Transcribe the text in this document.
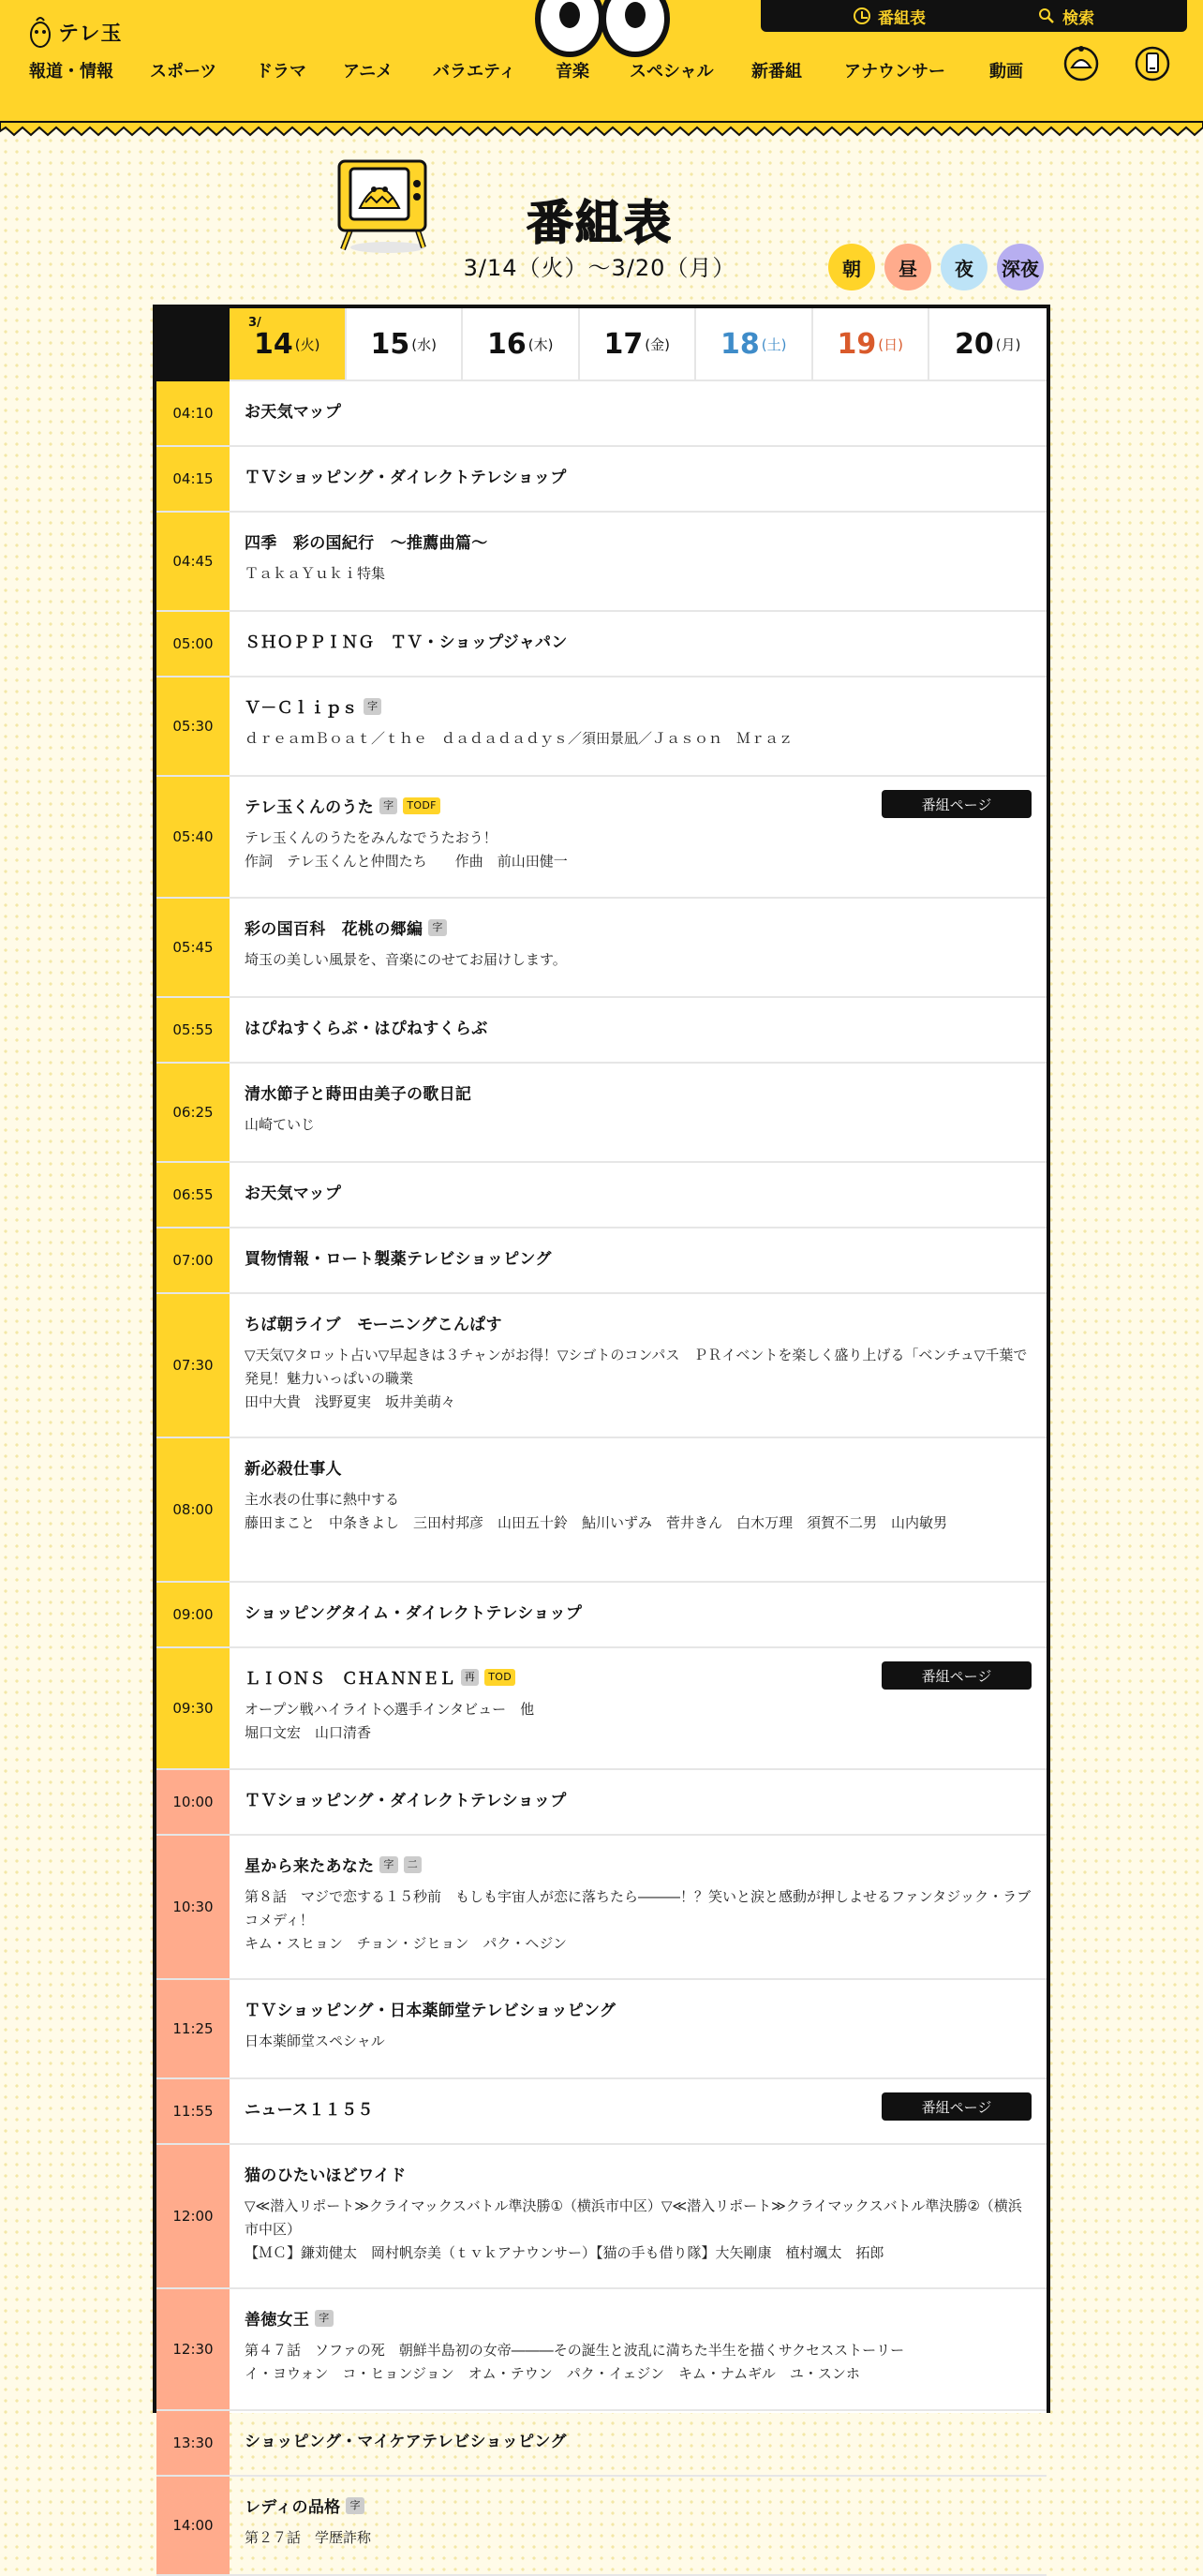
テレ玉
番組表	検索
報道・情報 スポーツ ドラマ アニメ バラエティ 音楽 スペシャル 新番組	アナウンサー	動画
番組表
3/14（火）〜3/20（月）	朝	昼	夜	深夜
3/
14 (火) 15 (水) 16 (木) 17 (金) 18 (土) 19 (日) 20 (月)
04:10	お天気マップ
04:15	ＴＶショッピング・ダイレクトテレショップ
04:45
四季　彩の国紀行　～推薦曲篇～
ＴａｋａＹｕｋｉ特集
05:00	ＳＨＯＰＰＩＮＧ　ＴＶ・ショップジャパン
05:30
Ｖ－Ｃｌｉｐｓ 字
ｄｒｅａｍＢｏａｔ／ｔｈｅ　ｄａｄａｄａｄｙｓ／須田景凪／Ｊａｓｏｎ　Ｍｒａｚ
05:40
テレ玉くんのうた 字	TODF
テレ玉くんのうたをみんなでうたおう！
作詞　テレ玉くんと仲間たち　　作曲　前山田健一
番組ページ
05:45
彩の国百科　花桃の郷編 字
埼玉の美しい風景を、音楽にのせてお届けします。
05:55	はぴねすくらぶ・はぴねすくらぶ
06:25
清水節子と蒔田由美子の歌日記
山崎ていじ
06:55	お天気マップ
07:00	買物情報・ロート製薬テレビショッピング
07:30
ちば朝ライブ　モーニングこんぱす
▽天気▽タロット占い▽早起きは３チャンがお得！▽シゴトのコンパス　ＰＲイベントを楽しく盛り上げる「ベンチュ▽千葉で発見！魅力いっぱいの職業
田中大貴　浅野夏実　坂井美萌々
08:00
新必殺仕事人
主水表の仕事に熱中する
藤田まこと　中条きよし　三田村邦彦　山田五十鈴　鮎川いずみ　菅井きん　白木万理　須賀不二男　山内敏男
09:00	ショッピングタイム・ダイレクトテレショップ
09:30
ＬＩＯＮＳ　ＣＨＡＮＮＥＬ 再	TOD
オープン戦ハイライト◇選手インタビュー　他
堀口文宏　山口清香
番組ページ
10:00	ＴＶショッピング・ダイレクトテレショップ
10:30
星から来たあなた 字	二
第８話　マジで恋する１５秒前　もしも宇宙人が恋に落ちたら―――！？笑いと涙と感動が押しよせるファンタジック・ラブコメディ！
キム・スヒョン　チョン・ジヒョン　パク・ヘジン
11:25
ＴＶショッピング・日本薬師堂テレビショッピング
日本薬師堂スペシャル
11:55	ニュース１１５５	番組ページ
12:00
猫のひたいほどワイド
▽≪潜入リポート≫クライマックスバトル準決勝①（横浜市中区）▽≪潜入リポート≫クライマックスバトル準決勝②（横浜市中区）
【ＭＣ】鎌苅健太　岡村帆奈美（ｔｖｋアナウンサー）【猫の手も借り隊】大矢剛康　植村颯太　拓郎
12:30
善徳女王 字
第４７話　ソファの死　朝鮮半島初の女帝―――その誕生と波乱に満ちた半生を描くサクセスストーリー
イ・ヨウォン　コ・ヒョンジョン　オム・テウン　パク・イェジン　キム・ナムギル　ユ・スンホ
13:30	ショッピング・マイケアテレビショッピング
14:00
レディの品格 字
第２７話　学歴詐称
